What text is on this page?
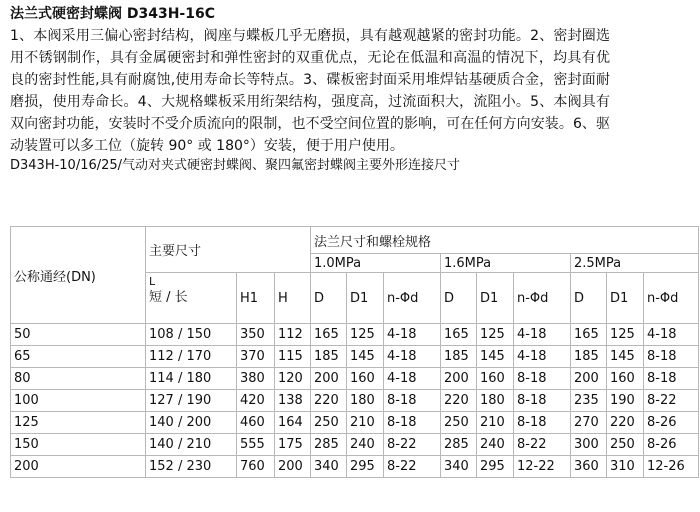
法兰式硬密封蝶阀 D343H-16C
1、本阀采用三偏心密封结构，阀座与蝶板几乎无磨损，具有越观越紧的密封功能。2、密封圈选用不锈钢制作，具有金属硬密封和弹性密封的双重优点，无论在低温和高温的情况下，均具有优良的密封性能,具有耐腐蚀,使用寿命长等特点。3、碟板密封面采用堆焊钴基硬质合金，密封面耐磨损，使用寿命长。4、大规格蝶板采用绗架结构，强度高，过流面积大，流阻小。5、本阀具有双向密封功能，安装时不受介质流向的限制，也不受空间位置的影响，可在任何方向安装。6、驱动装置可以多工位（旋转 90° 或 180°）安装，便于用户使用。
D343H-10/16/25/气动对夹式硬密封蝶阀、聚四氟密封蝶阀主要外形连接尺寸
公称通经(DN)	主要尺寸			法兰尺寸和螺栓规格								
				1.0MPa			1.6MPa			2.5MPa		

	L
短 / 长	H1	H	D	D1	n-Φd	D	D1	n-Φd	D	D1	n-Φd
50	108 / 150	350	112	165	125	4-18	165	125	4-18	165	125	4-18
65	112 / 170	370	115	185	145	4-18	185	145	4-18	185	145	8-18
80	114 / 180	380	120	200	160	4-18	200	160	8-18	200	160	8-18
100	127 / 190	420	138	220	180	8-18	220	180	8-18	235	190	8-22
125	140 / 200	460	164	250	210	8-18	250	210	8-18	270	220	8-26
150	140 / 210	555	175	285	240	8-22	285	240	8-22	300	250	8-26
200	152 / 230	760	200	340	295	8-22	340	295	12-22	360	310	12-26
